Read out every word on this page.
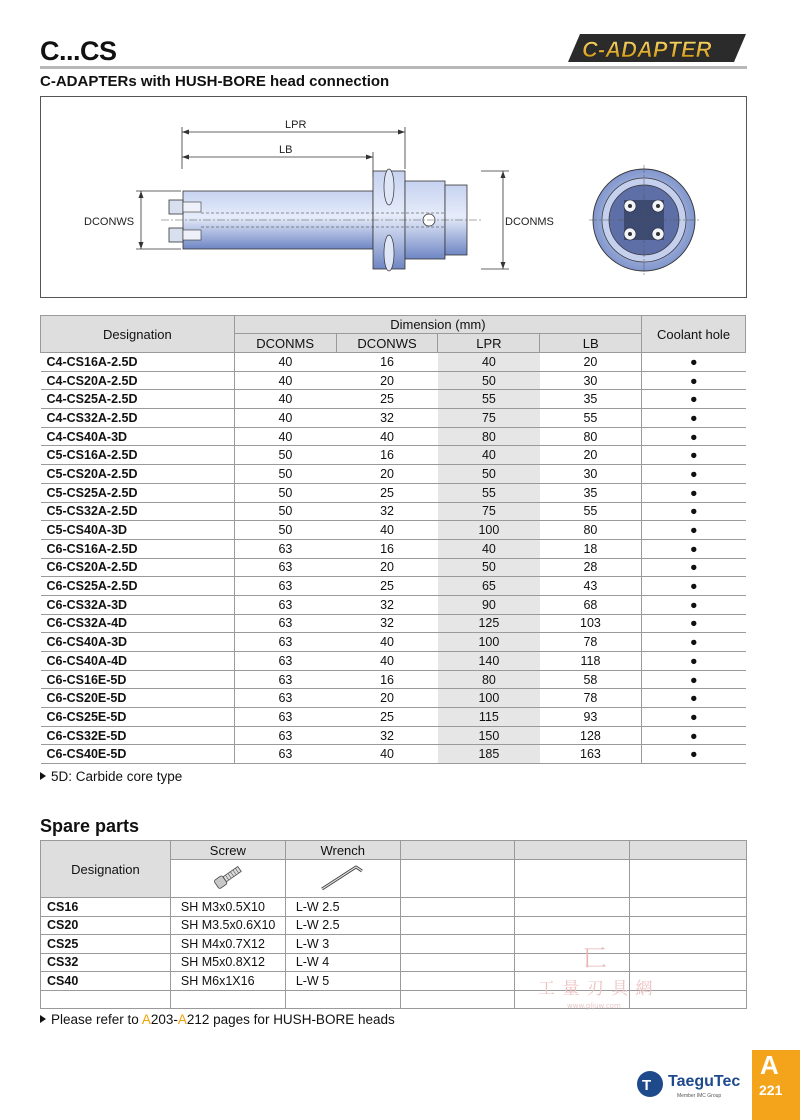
C...CS	C-ADAPTER
C-ADAPTERs with HUSH-BORE head connection
LPR
LB
DCONWS	DCONMS
Designation	Dimension (mm)				Coolant hole
	DCONMS	DCONWS	LPR	LB	
C4-CS16A-2.5D	40	16	40	20	●
C4-CS20A-2.5D	40	20	50	30	●
C4-CS25A-2.5D	40	25	55	35	●
C4-CS32A-2.5D	40	32	75	55	●
C4-CS40A-3D	40	40	80	80	●
C5-CS16A-2.5D	50	16	40	20	●
C5-CS20A-2.5D	50	20	50	30	●
C5-CS25A-2.5D	50	25	55	35	●
C5-CS32A-2.5D	50	32	75	55	●
C5-CS40A-3D	50	40	100	80	●
C6-CS16A-2.5D	63	16	40	18	●
C6-CS20A-2.5D	63	20	50	28	●
C6-CS25A-2.5D	63	25	65	43	●
C6-CS32A-3D	63	32	90	68	●
C6-CS32A-4D	63	32	125	103	●
C6-CS40A-3D	63	40	100	78	●
C6-CS40A-4D	63	40	140	118	●
C6-CS16E-5D	63	16	80	58	●
C6-CS20E-5D	63	20	100	78	●
C6-CS25E-5D	63	25	115	93	●
C6-CS32E-5D	63	32	150	128	●
C6-CS40E-5D	63	40	185	163	●
5D: Carbide core type
Spare parts
Designation	Screw	Wrench			

CS16	SH M3x0.5X10	L-W 2.5			
CS20	SH M3.5x0.6X10	L-W 2.5			
CS25	SH M4x0.7X12	L-W 3			
CS32	SH M5x0.8X12	L-W 4			
CS40	SH M6x1X16	L-W 5			

Please refer to A203-A212 pages for HUSH-BORE heads
匸
工 量 刃 具 網
www.gljuw.com
T TaeguTec
Member IMC Group
A
221
